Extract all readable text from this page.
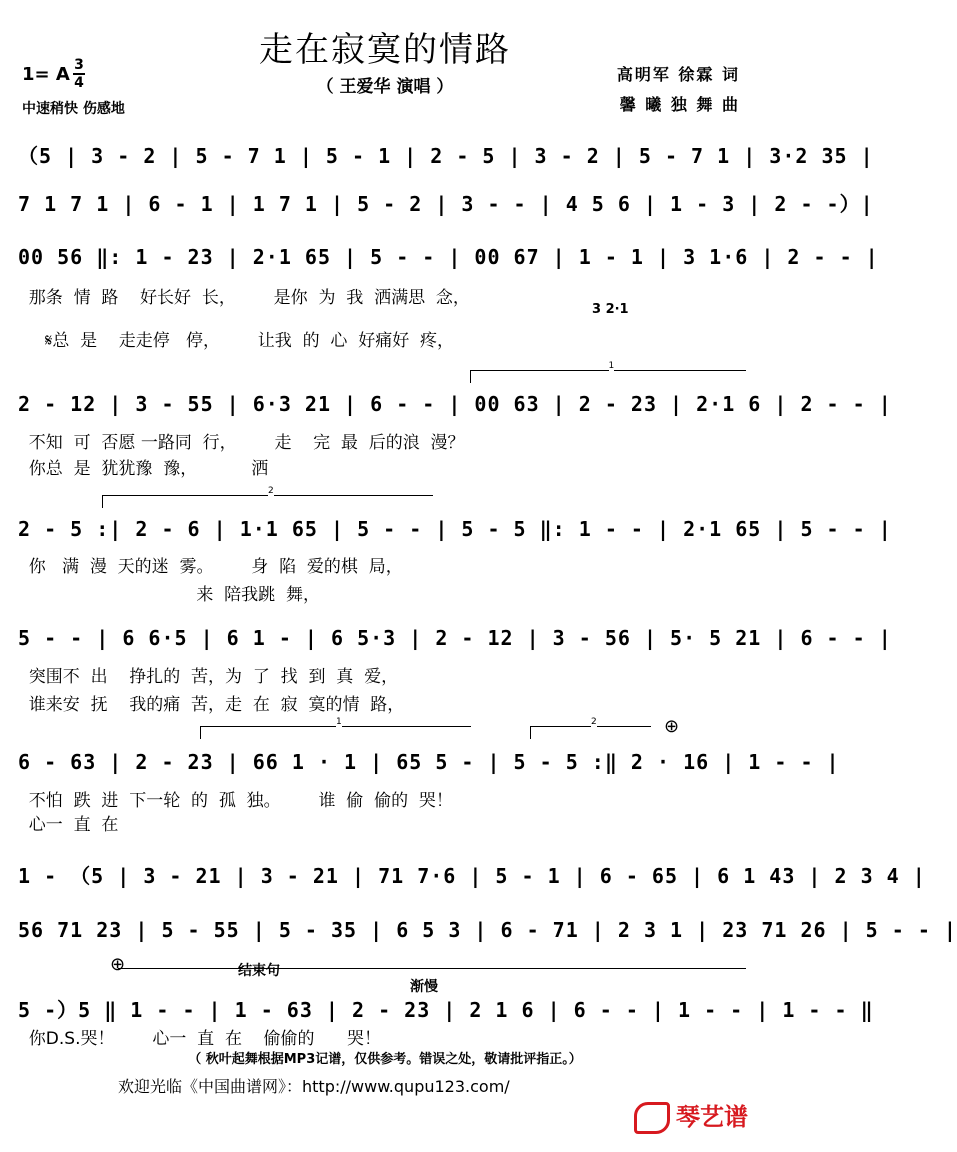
走在寂寞的情路
（ 王爱华 演唱 ）
1= A 3
4
中速稍快 伤感地
高明军 徐霖 词
馨 曦 独 舞 曲
（5 | 3 - 2 | 5 - 7 1 | 5 - 1 | 2 - 5 | 3 - 2 | 5 - 7 1 | 3·2 35 |
7 1 7 1 | 6 - 1 | 1 7 1 | 5 - 2 | 3 - - | 4 5 6 | 1 - 3 | 2 - -）|
00 56 ‖: 1 - 23 | 2·1 65 | 5 - - | 00 67 | 1 - 1 | 3 1·6 | 2 - - |
那条  情  路    好长好  长，       是你  为  我  洒满思  念，
3 2·1
𝄋总  是    走走停   停，       让我  的  心  好痛好  疼，
1
2 - 12 | 3 - 55 | 6·3 21 | 6 - - | 00 63 | 2 - 23 | 2·1 6 | 2 - - |
不知  可  否愿 一路同  行，       走    完  最  后的浪  漫？
你总  是  犹犹豫  豫，          洒
2
2 - 5 :| 2 - 6 | 1·1 65 | 5 - - | 5 - 5 ‖: 1 - - | 2·1 65 | 5 - - |
你   满  漫  天的迷  雾。       身  陷  爱的棋  局，
来  陪我跳  舞，
5 - - | 6 6·5 | 6 1 - | 6 5·3 | 2 - 12 | 3 - 56 | 5· 5 21 | 6 - - |
突围不  出    挣扎的  苦，为  了  找  到  真  爱，
谁来安  抚    我的痛  苦，走  在  寂  寞的情  路，
1	2	⊕
6 - 63 | 2 - 23 | 66 1 · 1 | 65 5 - | 5 - 5 :‖ 2 · 16 | 1 - - |
不怕  跌  进  下一轮  的  孤  独。       谁  偷  偷的  哭！
心一  直  在
1 - （5 | 3 - 21 | 3 - 21 | 71 7·6 | 5 - 1 | 6 - 65 | 6 1 43 | 2 3 4 |
56 71 23 | 5 - 55 | 5 - 35 | 6 5 3 | 6 - 71 | 2 3 1 | 23 71 26 | 5 - - |
⊕	结束句
渐慢
5 -）5 ‖ 1 - - | 1 - 63 | 2 - 23 | 2 1 6 | 6 - - | 1 - - | 1 - - ‖
你D.S.哭！       心一  直  在    偷偷的      哭！
（ 秋叶起舞根据MP3记谱，仅供参考。错误之处，敬请批评指正。）
欢迎光临《中国曲谱网》：http://www.qupu123.com/
琴艺谱
